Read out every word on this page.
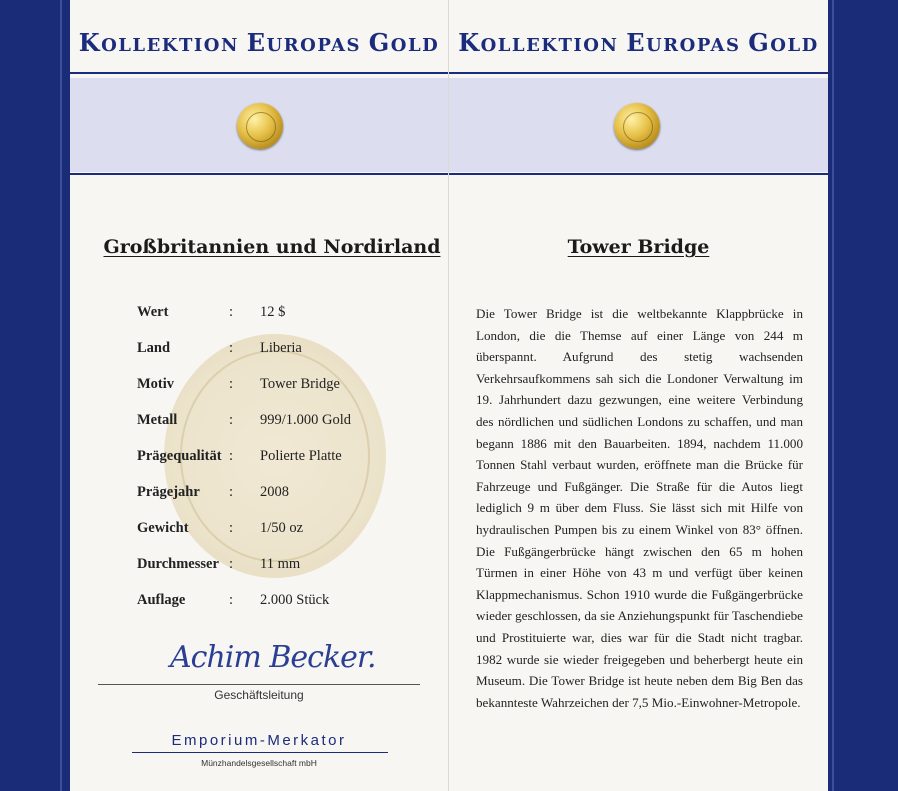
KOLLEKTION EUROPAS GOLD
Großbritannien und Nordirland
Wert	: 12 $
Land	: Liberia
Motiv	: Tower Bridge
Metall	: 999/1.000 Gold
Prägequalität : Polierte Platte
Prägejahr : 2008
Gewicht	: 1/50 oz
Durchmesser : 11 mm
Auflage	: 2.000 Stück
Achim Becker.
Geschäftsleitung
Emporium-Merkator
Münzhandelsgesellschaft mbH
KOLLEKTION EUROPAS GOLD
Tower Bridge
Die Tower Bridge ist die weltbekannte Klappbrücke in London, die die Themse auf einer Länge von 244 m überspannt. Aufgrund des stetig wachsenden Verkehrsaufkommens sah sich die Londoner Verwaltung im 19. Jahrhundert dazu gezwungen, eine weitere Verbindung des nördlichen und südlichen Londons zu schaffen, und man begann 1886 mit den Bauarbeiten. 1894, nachdem 11.000 Tonnen Stahl verbaut wurden, eröffnete man die Brücke für Fahrzeuge und Fußgänger. Die Straße für die Autos liegt lediglich 9 m über dem Fluss. Sie lässt sich mit Hilfe von hydraulischen Pumpen bis zu einem Winkel von 83° öffnen. Die Fußgängerbrücke hängt zwischen den 65 m hohen Türmen in einer Höhe von 43 m und verfügt über keinen Klappmechanismus. Schon 1910 wurde die Fußgängerbrücke wieder geschlossen, da sie Anziehungspunkt für Taschendiebe und Prostituierte war, dies war für die Stadt nicht tragbar. 1982 wurde sie wieder freigegeben und beherbergt heute ein Museum. Die Tower Bridge ist heute neben dem Big Ben das bekannteste Wahrzeichen der 7,5 Mio.-Einwohner-Metropole.
